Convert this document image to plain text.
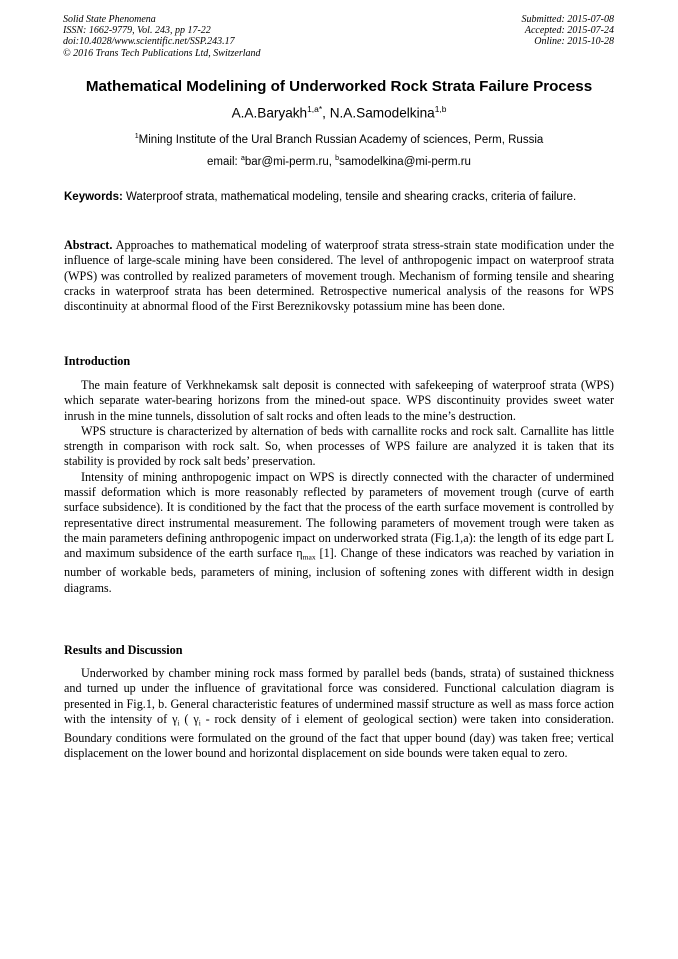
Solid State Phenomena
ISSN: 1662-9779, Vol. 243, pp 17-22
doi:10.4028/www.scientific.net/SSP.243.17
© 2016 Trans Tech Publications Ltd, Switzerland
Submitted: 2015-07-08
Accepted: 2015-07-24
Online: 2015-10-28
Mathematical Modelining of Underworked Rock Strata Failure Process
A.A.Baryakh$^{1,a*}$, N.A.Samodelkina$^{1,b}$
$^1$Mining Institute of the Ural Branch Russian Academy of sciences, Perm, Russia
email: $^a$bar@mi-perm.ru, $^b$samodelkina@mi-perm.ru
Keywords: Waterproof strata, mathematical modeling, tensile and shearing cracks, criteria of failure.
Abstract. Approaches to mathematical modeling of waterproof strata stress-strain state modification under the influence of large-scale mining have been considered. The level of anthropogenic impact on waterproof strata (WPS) was controlled by realized parameters of movement trough. Mechanism of forming tensile and shearing cracks in waterproof strata has been determined. Retrospective numerical analysis of the reasons for WPS discontinuity at abnormal flood of the First Bereznikovsky potassium mine has been done.
Introduction

The main feature of Verkhnekamsk salt deposit is connected with safekeeping of waterproof strata (WPS) which separate water-bearing horizons from the mined-out space. WPS discontinuity provides sweet water inrush in the mine tunnels, dissolution of salt rocks and often leads to the mine’s destruction.

WPS structure is characterized by alternation of beds with carnallite rocks and rock salt. Carnallite has little strength in comparison with rock salt. So, when processes of WPS failure are analyzed it is taken that its stability is provided by rock salt beds’ preservation.

Intensity of mining anthropogenic impact on WPS is directly connected with the character of undermined massif deformation which is more reasonably reflected by parameters of movement trough (curve of earth surface subsidence). It is conditioned by the fact that the process of the earth surface movement is controlled by representative direct instrumental measurement. The following parameters of movement trough were taken as the main parameters defining anthropogenic impact on underworked strata (Fig.1,a): the length of its edge part L and maximum subsidence of the earth surface $\eta_{max}$ [1]. Change of these indicators was reached by variation in number of workable beds, parameters of mining, inclusion of softening zones with different width in design diagrams.

Results and Discussion

Underworked by chamber mining rock mass formed by parallel beds (bands, strata) of sustained thickness and turned up under the influence of gravitational force was considered. Functional calculation diagram is presented in Fig.1, b. General characteristic features of undermined massif structure as well as mass force action with the intensity of $\gamma_i$ ( $\gamma_i$ - rock density of i element of geological section) were taken into consideration. Boundary conditions were formulated on the ground of the fact that upper bound (day) was taken free; vertical displacement on the lower bound and horizontal displacement on side bounds were taken equal to zero.
